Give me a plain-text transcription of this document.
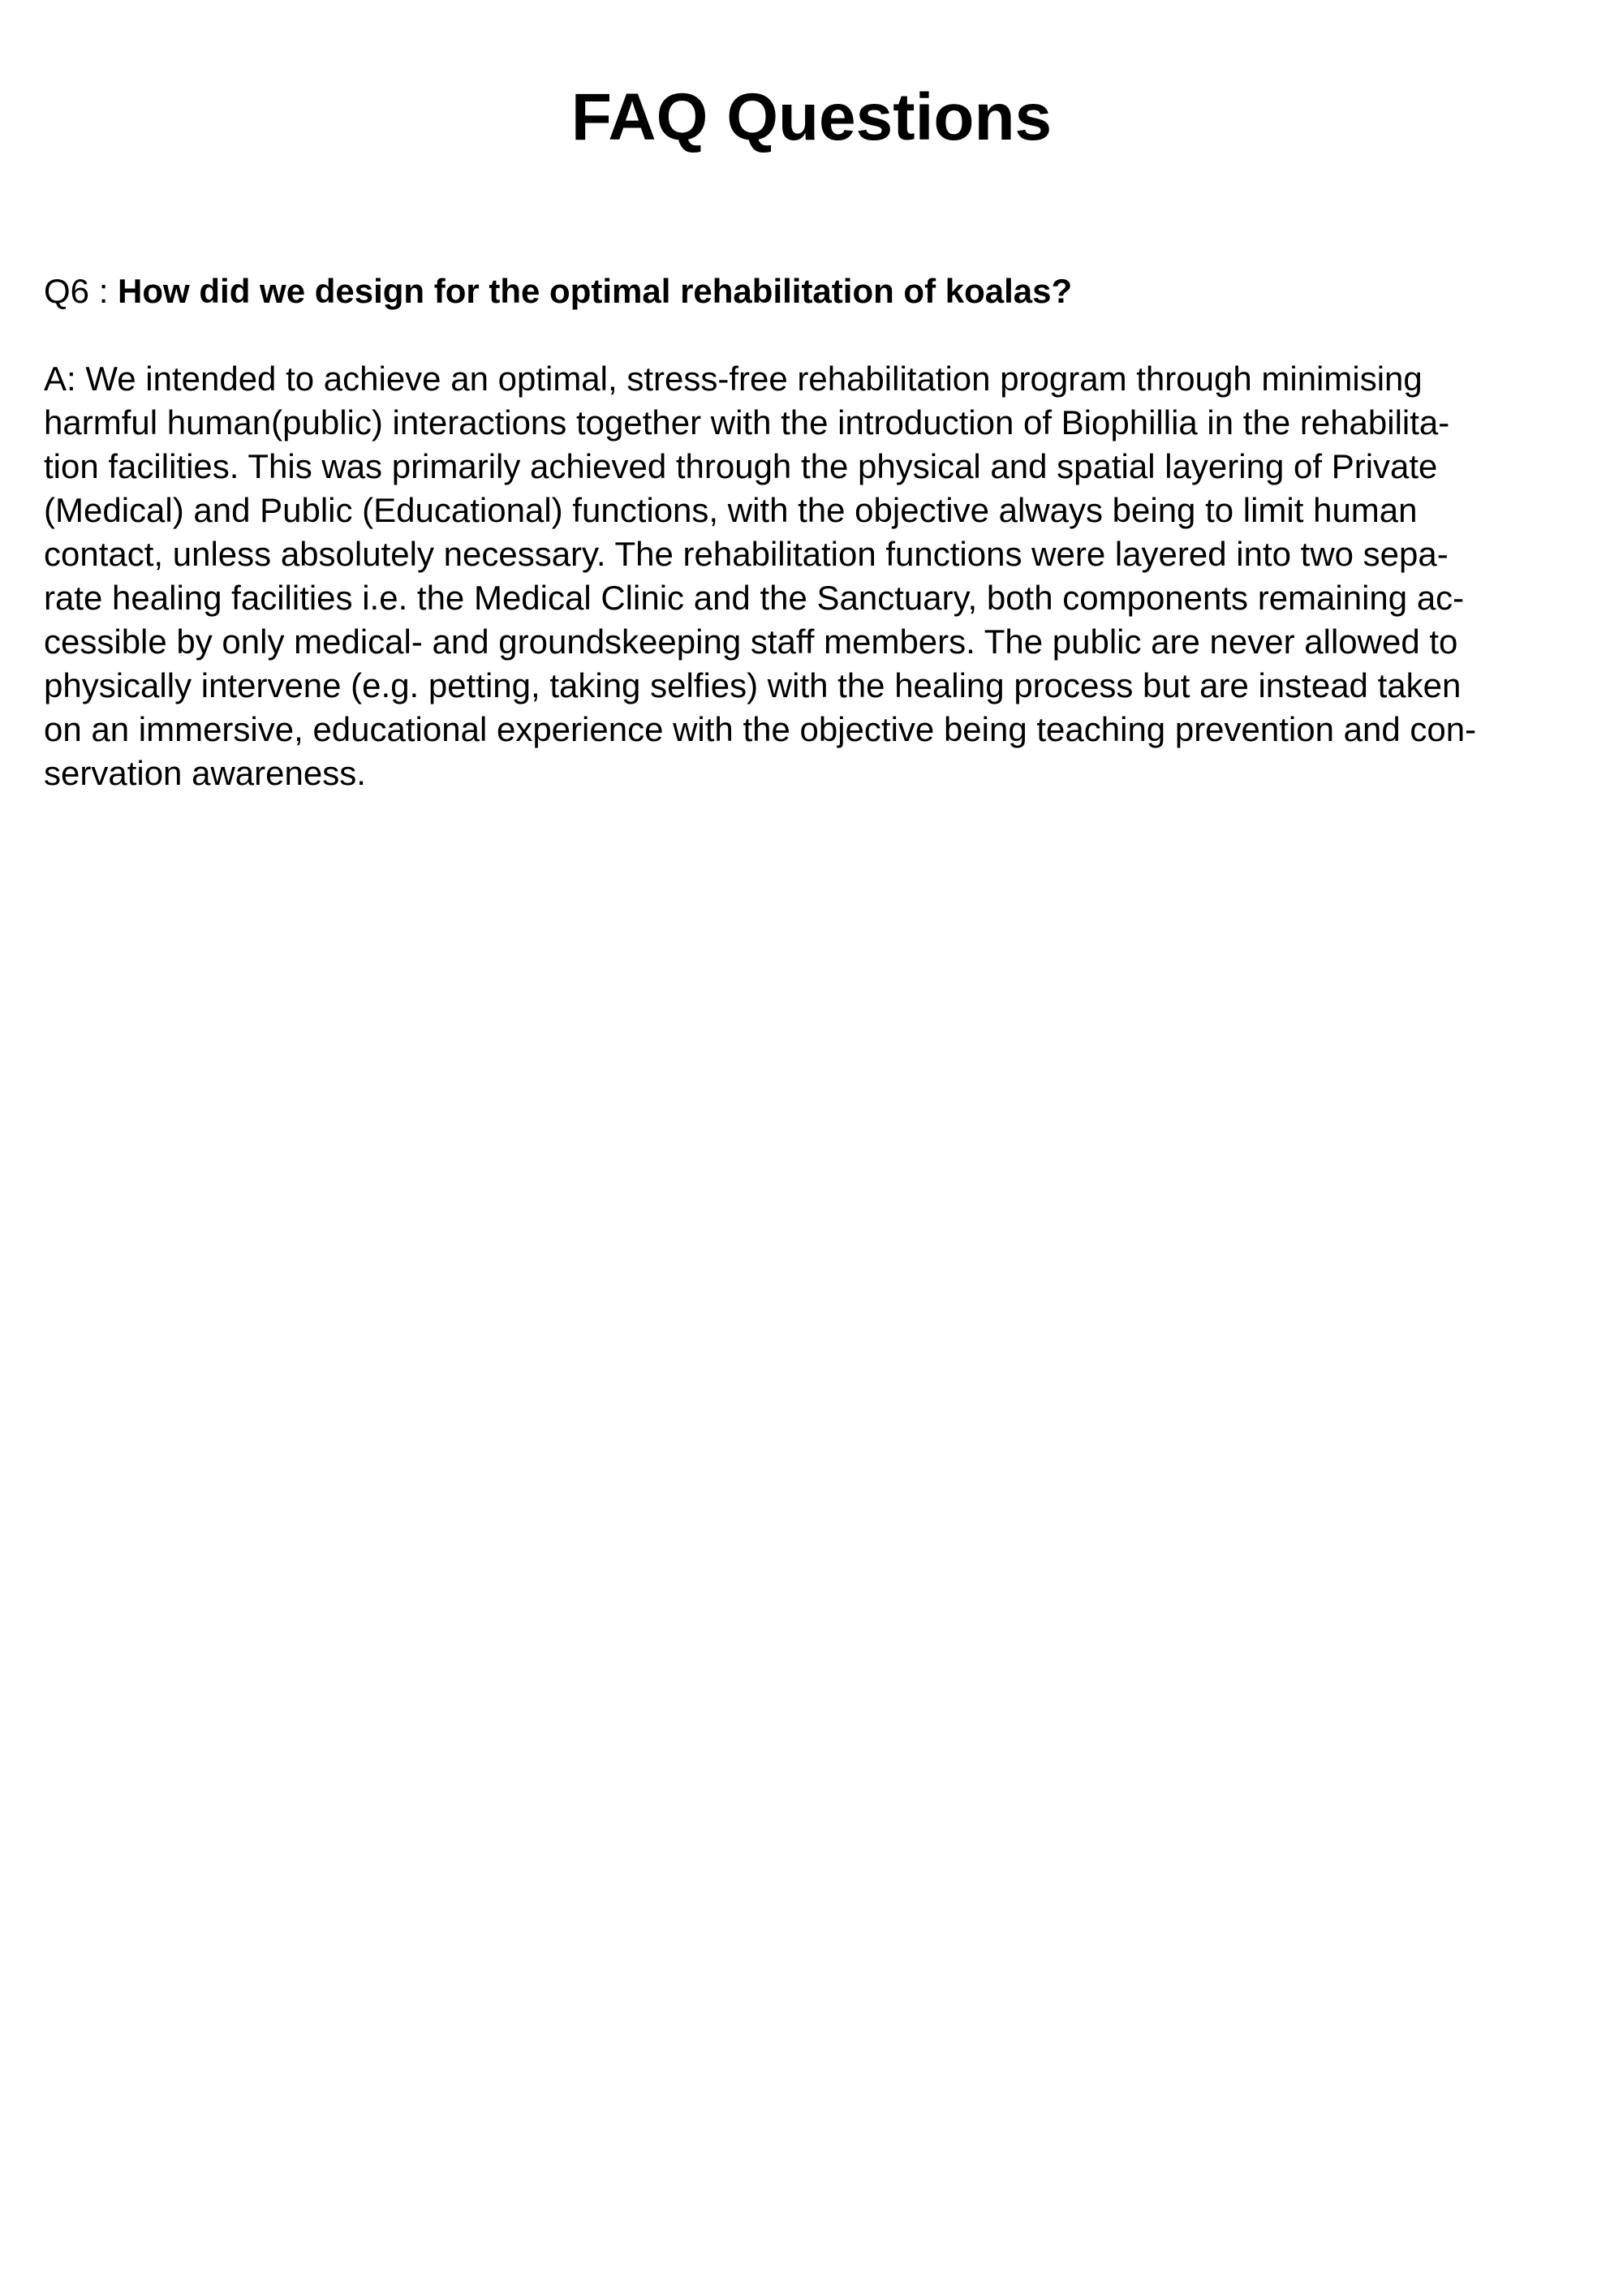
FAQ Questions

Q6 : How did we design for the optimal rehabilitation of koalas?

A: We intended to achieve an optimal, stress-free rehabilitation program through minimising
harmful human(public) interactions together with the introduction of Biophillia in the rehabilita-
tion facilities. This was primarily achieved through the physical and spatial layering of Private
(Medical) and Public (Educational) functions, with the objective always being to limit human
contact, unless absolutely necessary. The rehabilitation functions were layered into two sepa-
rate healing facilities i.e. the Medical Clinic and the Sanctuary, both components remaining ac-
cessible by only medical- and groundskeeping staff members. The public are never allowed to
physically intervene (e.g. petting, taking selfies) with the healing process but are instead taken
on an immersive, educational experience with the objective being teaching prevention and con-
servation awareness.
